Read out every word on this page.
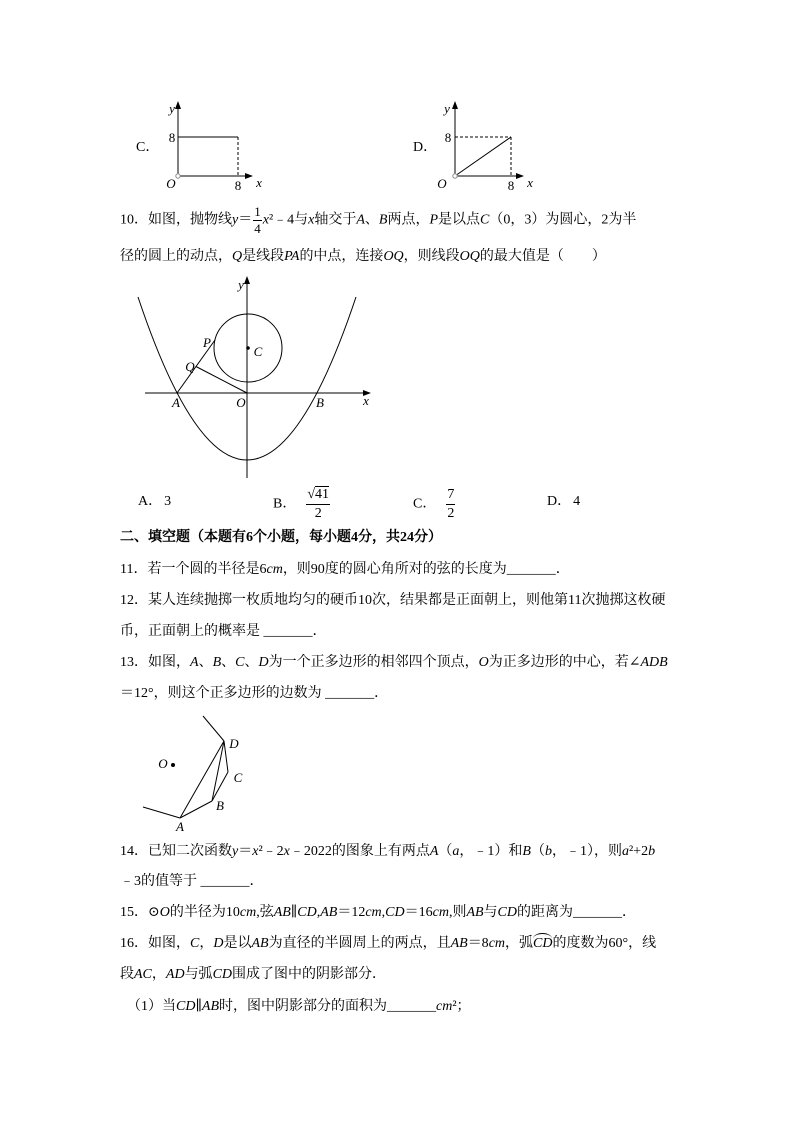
y
8
O	8 x
y
8
O	8 x
y
x
A	O	B
C
P
Q
D
C
B
A
O
C．	D．
10．如图，抛物线$y= \frac{1}{4}$ x²﹣4与x轴交于A、B两点，P是以点C（0，3）为圆心，2为半
径的圆上的动点，Q是线段PA的中点，连接OQ，则线段OQ的最大值是（　　）
A． 3	B． $\frac{√41}{2}$	C． $\frac{7}{2}$	D． 4
二、填空题（本题有6个小题，每小题4分，共24分）
11．若一个圆的半径是6cm，则90度的圆心角所对的弦的长度为_______．
12．某人连续抛掷一枚质地均匀的硬币10次，结果都是正面朝上，则他第11次抛掷这枚硬
币，正面朝上的概率是 _______．
13．如图，A、B、C、D为一个正多边形的相邻四个顶点，O为正多边形的中心，若∠ADB
＝12°，则这个正多边形的边数为 _______．
14．已知二次函数y＝x²﹣2x﹣2022的图象上有两点A（a，﹣1）和B（b，﹣1），则a²+2b
﹣3的值等于 _______．
15．⊙O的半径为10cm,弦AB∥CD,AB＝12cm,CD＝16cm,则AB与CD的距离为_______．
16．如图，C，D是以AB为直径的半圆周上的两点，且AB＝8cm，弧CD的度数为60°，线
段AC，AD与弧CD围成了图中的阴影部分．
（1）当CD∥AB时，图中阴影部分的面积为_______cm²；
